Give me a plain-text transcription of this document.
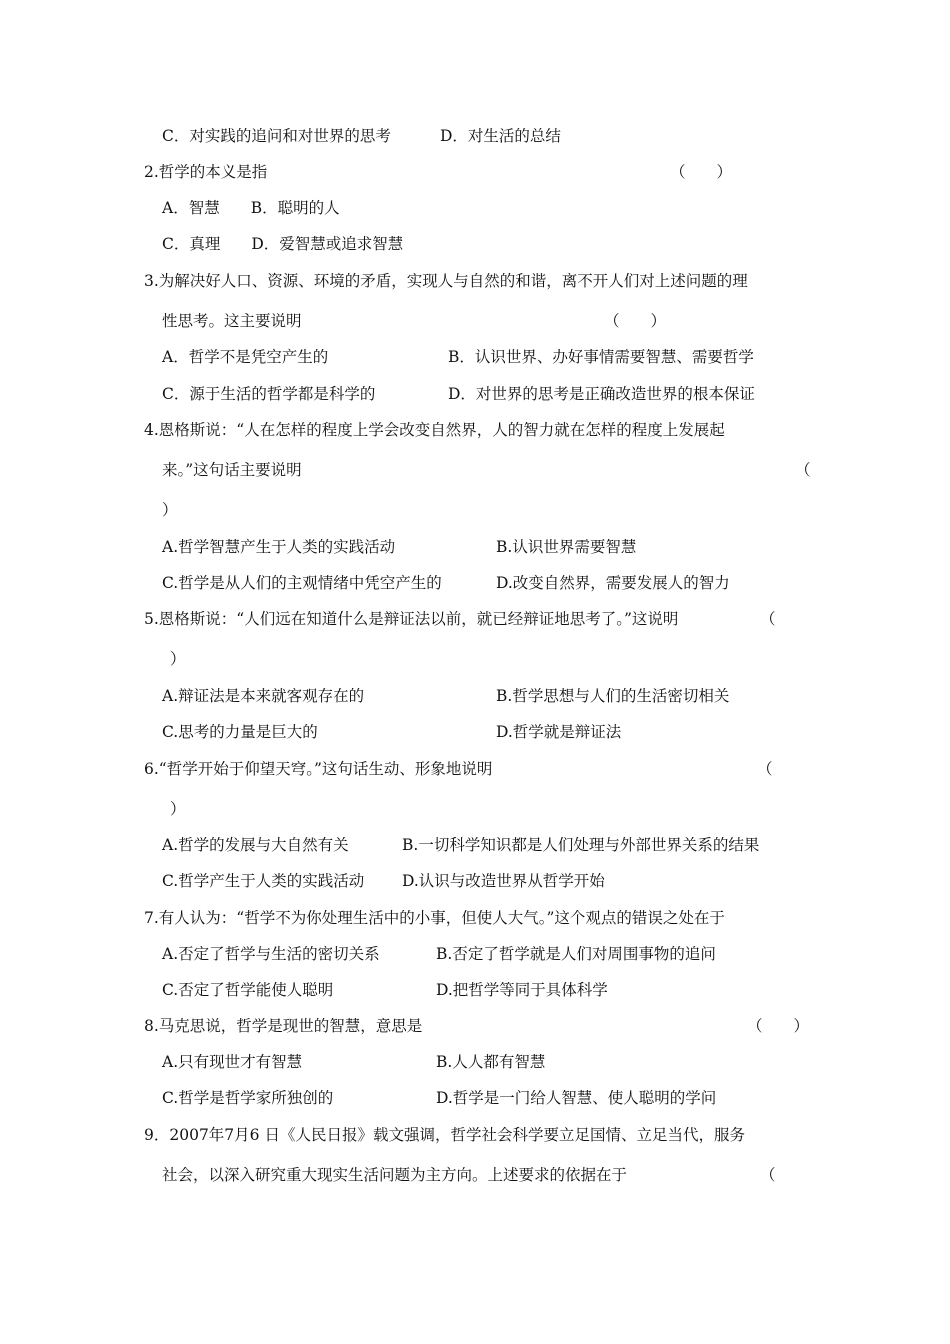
C．对实践的追问和对世界的思考	D．对生活的总结
2.哲学的本义是指	（　　）
A．智慧　　B．聪明的人
C．真理　　D．爱智慧或追求智慧
3.为解决好人口、资源、环境的矛盾，实现人与自然的和谐，离不开人们对上述问题的理
性思考。这主要说明	（　　）
A．哲学不是凭空产生的	B．认识世界、办好事情需要智慧、需要哲学
C．源于生活的哲学都是科学的	D．对世界的思考是正确改造世界的根本保证
4.恩格斯说：“人在怎样的程度上学会改变自然界，人的智力就在怎样的程度上发展起
来。”这句话主要说明	（
）
A.哲学智慧产生于人类的实践活动	B.认识世界需要智慧
C.哲学是从人们的主观情绪中凭空产生的	D.改变自然界，需要发展人的智力
5.恩格斯说：“人们远在知道什么是辩证法以前，就已经辩证地思考了。”这说明	（
）
A.辩证法是本来就客观存在的	B.哲学思想与人们的生活密切相关
C.思考的力量是巨大的	D.哲学就是辩证法
6.“哲学开始于仰望天穹。”这句话生动、形象地说明	（
）
A.哲学的发展与大自然有关	B.一切科学知识都是人们处理与外部世界关系的结果
C.哲学产生于人类的实践活动 D.认识与改造世界从哲学开始
7.有人认为：“哲学不为你处理生活中的小事，但使人大气。”这个观点的错误之处在于
A.否定了哲学与生活的密切关系	B.否定了哲学就是人们对周围事物的追问
C.否定了哲学能使人聪明	D.把哲学等同于具体科学
8.马克思说，哲学是现世的智慧，意思是	（　　）
A.只有现世才有智慧	B.人人都有智慧
C.哲学是哲学家所独创的	D.哲学是一门给人智慧、使人聪明的学问
9．2007年7月6 日《人民日报》载文强调，哲学社会科学要立足国情、立足当代，服务
社会，以深入研究重大现实生活问题为主方向。上述要求的依据在于	（
